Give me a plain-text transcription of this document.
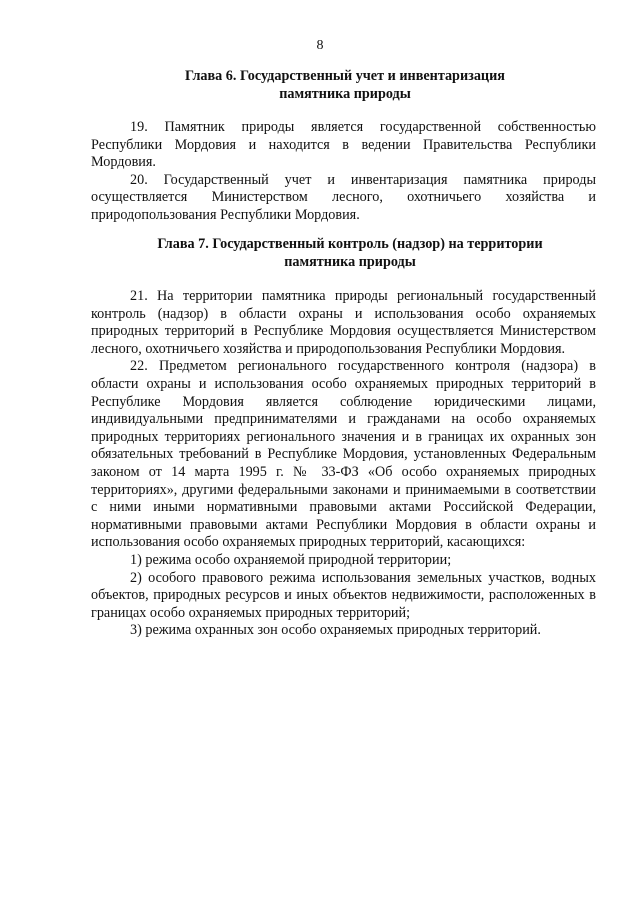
8
Глава 6. Государственный учет и инвентаризация
памятника природы

19. Памятник природы является государственной собственностью Республики Мордовия и находится в ведении Правительства Республики Мордовия.

20. Государственный учет и инвентаризация памятника природы осуществляется Министерством лесного, охотничьего хозяйства и природопользования Республики Мордовия.

Глава 7. Государственный контроль (надзор) на территории
памятника природы

21. На территории памятника природы региональный государственный контроль (надзор) в области охраны и использования особо охраняемых природных территорий в Республике Мордовия осуществляется Министерством лесного, охотничьего хозяйства и природопользования Республики Мордовия.

22. Предметом регионального государственного контроля (надзора) в области охраны и использования особо охраняемых природных территорий в Республике Мордовия является соблюдение юридическими лицами, индивидуальными предпринимателями и гражданами на особо охраняемых природных территориях регионального значения и в границах их охранных зон обязательных требований в Республике Мордовия, установленных Федеральным законом от 14 марта 1995 г. № 33-ФЗ «Об особо охраняемых природных территориях», другими федеральными законами и принимаемыми в соответствии с ними иными нормативными правовыми актами Российской Федерации, нормативными правовыми актами Республики Мордовия в области охраны и использования особо охраняемых природных территорий, касающихся:

1) режима особо охраняемой природной территории;

2) особого правового режима использования земельных участков, водных объектов, природных ресурсов и иных объектов недвижимости, расположенных в границах особо охраняемых природных территорий;

3) режима охранных зон особо охраняемых природных территорий.
